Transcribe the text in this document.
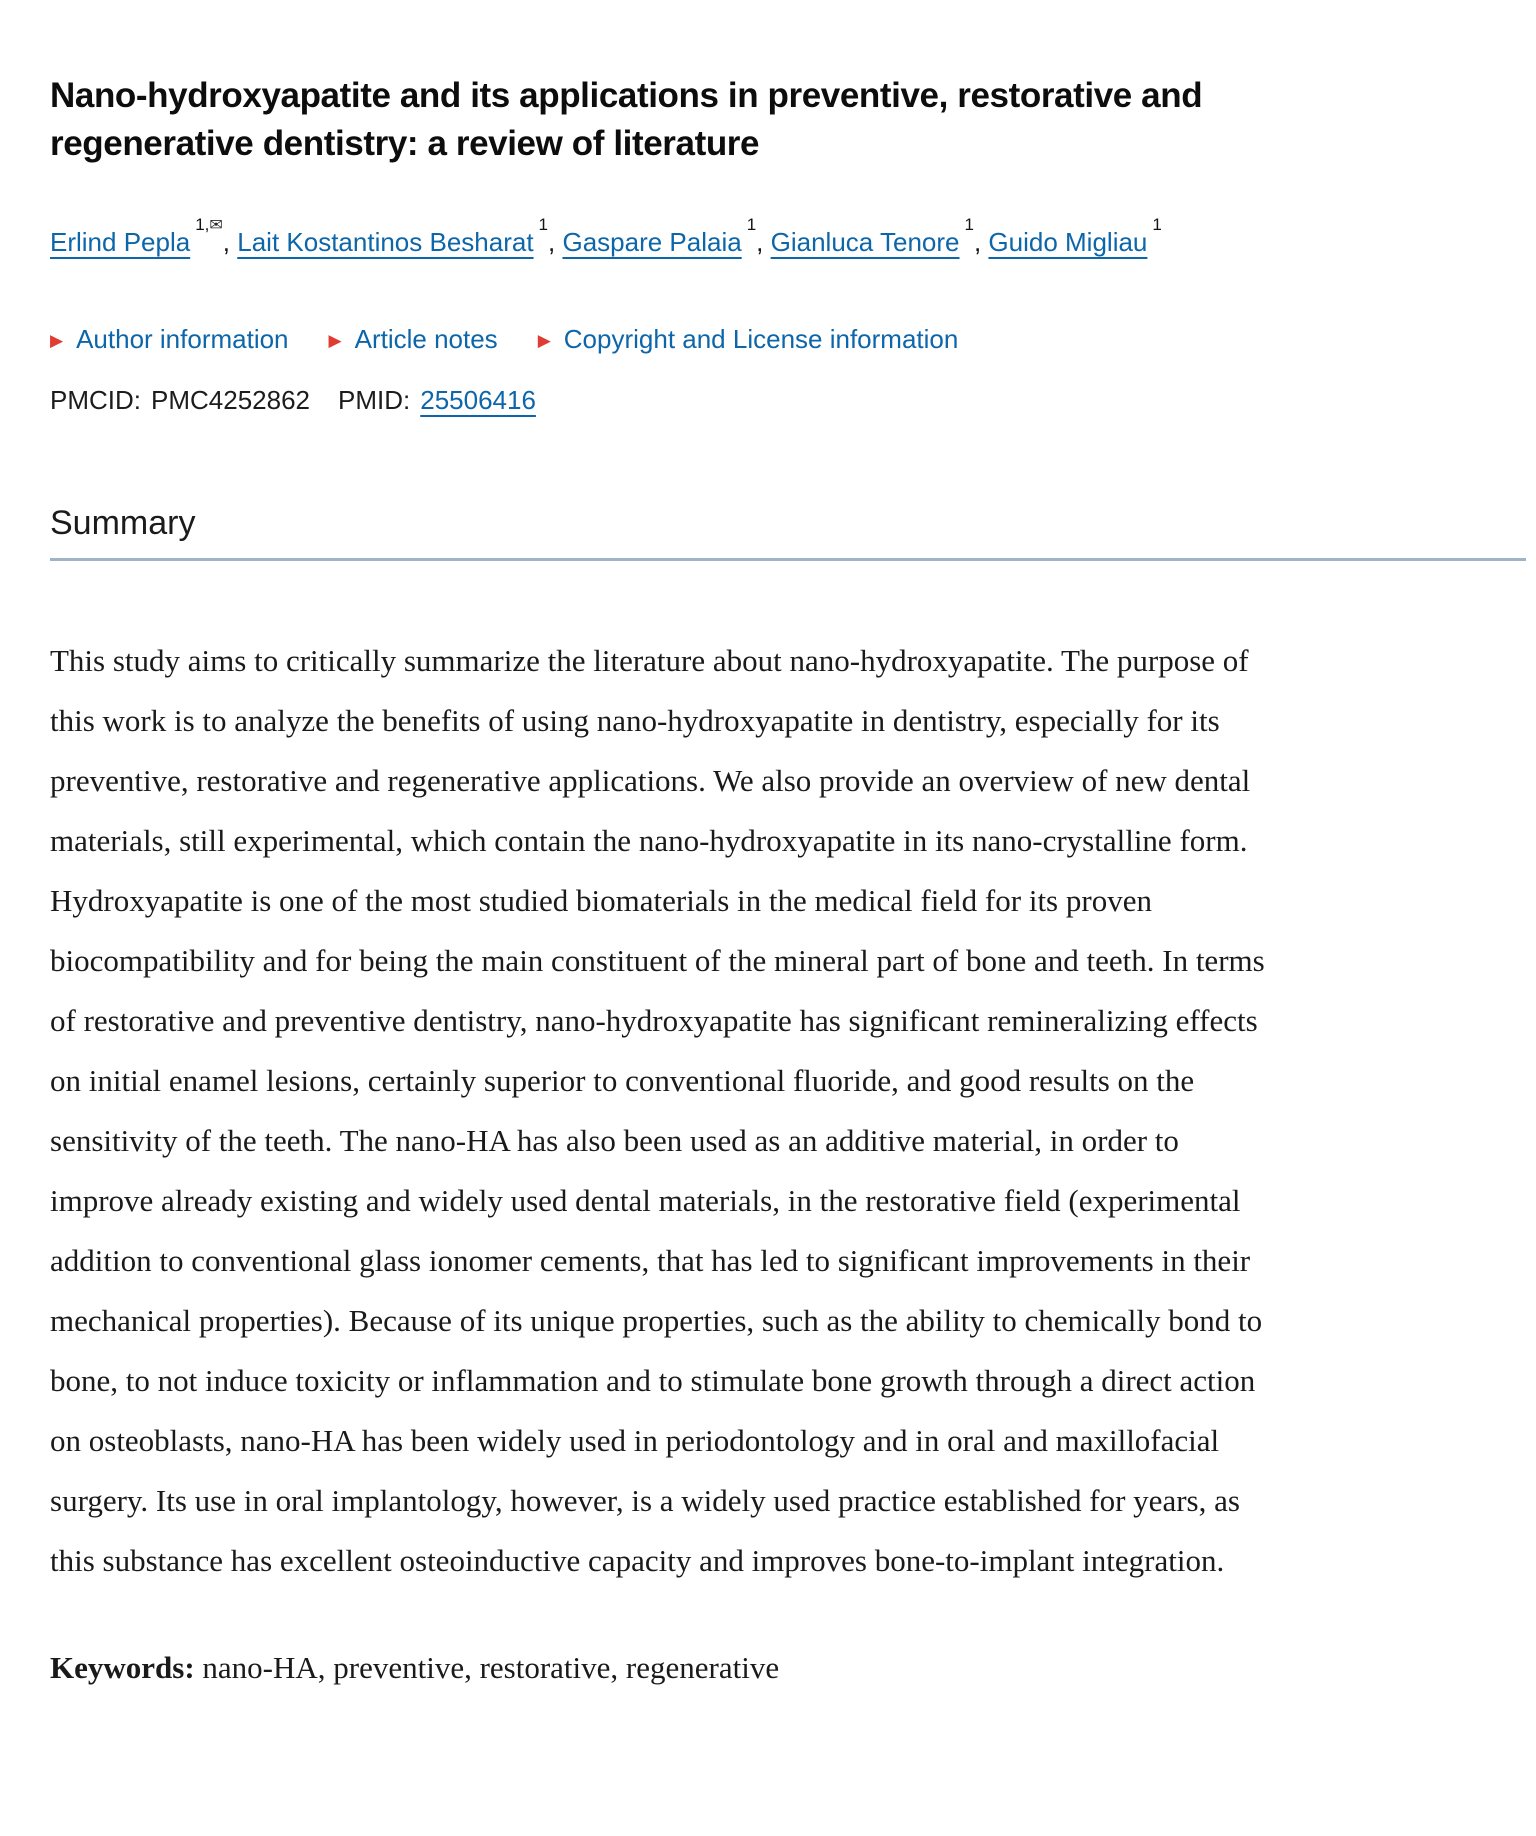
Nano-hydroxyapatite and its applications in preventive, restorative and regenerative dentistry: a review of literature
Erlind Pepla$^{1,✉}$, Lait Kostantinos Besharat$^1$, Gaspare Palaia$^1$, Gianluca Tenore$^1$, Guido Migliau$^1$
▶ Author information ▶ Article notes ▶ Copyright and License information
PMCID: PMC4252862 PMID: 25506416
Summary

This study aims to critically summarize the literature about nano-hydroxyapatite. The purpose of this work is to analyze the benefits of using nano-hydroxyapatite in dentistry, especially for its preventive, restorative and regenerative applications. We also provide an overview of new dental materials, still experimental, which contain the nano-hydroxyapatite in its nano-crystalline form. Hydroxyapatite is one of the most studied biomaterials in the medical field for its proven biocompatibility and for being the main constituent of the mineral part of bone and teeth. In terms of restorative and preventive dentistry, nano-hydroxyapatite has significant remineralizing effects on initial enamel lesions, certainly superior to conventional fluoride, and good results on the sensitivity of the teeth. The nano-HA has also been used as an additive material, in order to improve already existing and widely used dental materials, in the restorative field (experimental addition to conventional glass ionomer cements, that has led to significant improvements in their mechanical properties). Because of its unique properties, such as the ability to chemically bond to bone, to not induce toxicity or inflammation and to stimulate bone growth through a direct action on osteoblasts, nano-HA has been widely used in periodontology and in oral and maxillofacial surgery. Its use in oral implantology, however, is a widely used practice established for years, as this substance has excellent osteoinductive capacity and improves bone-to-implant integration.

Keywords: nano-HA, preventive, restorative, regenerative
